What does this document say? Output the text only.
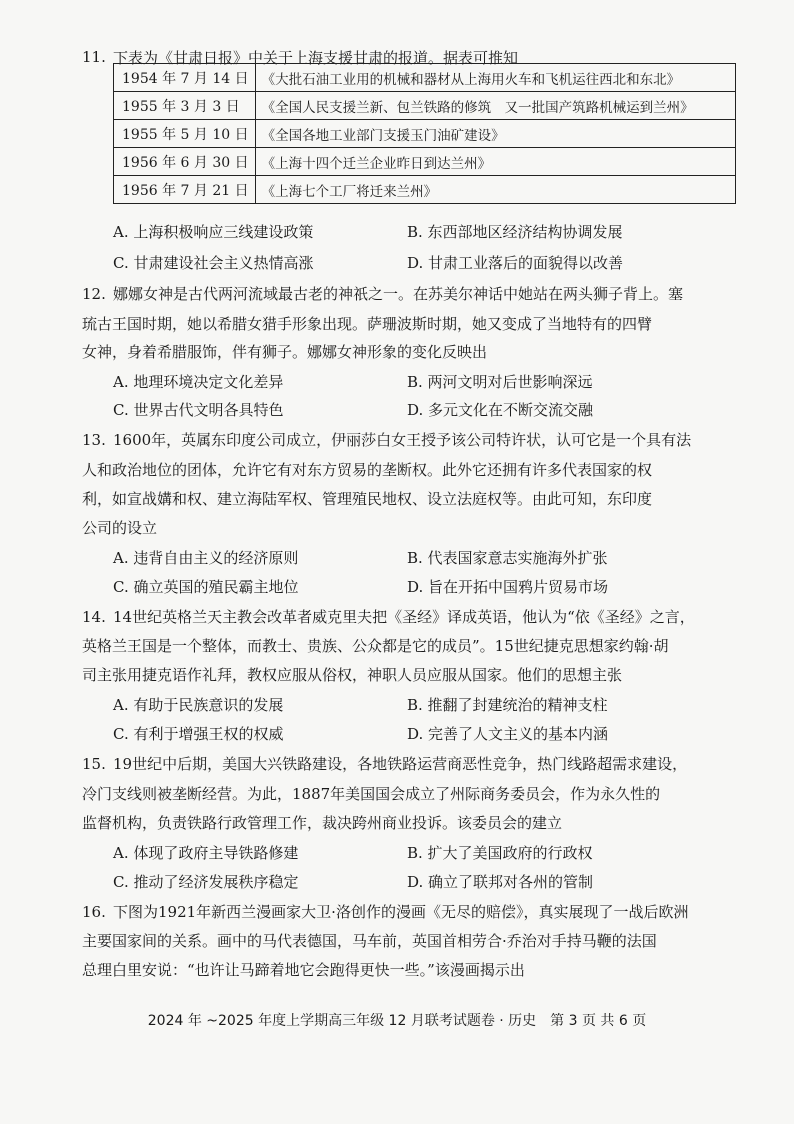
11. 下表为《甘肃日报》中关于上海支援甘肃的报道。据表可推知
1954 年 7 月 14 日	《大批石油工业用的机械和器材从上海用火车和飞机运往西北和东北》
1955 年 3 月 3 日	《全国人民支援兰新、包兰铁路的修筑　又一批国产筑路机械运到兰州》
1955 年 5 月 10 日	《全国各地工业部门支援玉门油矿建设》
1956 年 6 月 30 日	《上海十四个迁兰企业昨日到达兰州》
1956 年 7 月 21 日	《上海七个工厂将迁来兰州》
A. 上海积极响应三线建设政策	B. 东西部地区经济结构协调发展
C. 甘肃建设社会主义热情高涨	D. 甘肃工业落后的面貌得以改善
12. 娜娜女神是古代两河流域最古老的神祇之一。在苏美尔神话中她站在两头狮子背上。塞
琉古王国时期，她以希腊女猎手形象出现。萨珊波斯时期，她又变成了当地特有的四臂
女神，身着希腊服饰，伴有狮子。娜娜女神形象的变化反映出
A. 地理环境决定文化差异	B. 两河文明对后世影响深远
C. 世界古代文明各具特色	D. 多元文化在不断交流交融
13. 1600年，英属东印度公司成立，伊丽莎白女王授予该公司特许状，认可它是一个具有法
人和政治地位的团体，允许它有对东方贸易的垄断权。此外它还拥有许多代表国家的权
利，如宣战媾和权、建立海陆军权、管理殖民地权、设立法庭权等。由此可知，东印度
公司的设立
A. 违背自由主义的经济原则	B. 代表国家意志实施海外扩张
C. 确立英国的殖民霸主地位	D. 旨在开拓中国鸦片贸易市场
14. 14世纪英格兰天主教会改革者威克里夫把《圣经》译成英语，他认为“依《圣经》之言，
英格兰王国是一个整体，而教士、贵族、公众都是它的成员”。15世纪捷克思想家约翰·胡
司主张用捷克语作礼拜，教权应服从俗权，神职人员应服从国家。他们的思想主张
A. 有助于民族意识的发展	B. 推翻了封建统治的精神支柱
C. 有利于增强王权的权威	D. 完善了人文主义的基本内涵
15. 19世纪中后期，美国大兴铁路建设，各地铁路运营商恶性竞争，热门线路超需求建设，
冷门支线则被垄断经营。为此，1887年美国国会成立了州际商务委员会，作为永久性的
监督机构，负责铁路行政管理工作，裁决跨州商业投诉。该委员会的建立
A. 体现了政府主导铁路修建	B. 扩大了美国政府的行政权
C. 推动了经济发展秩序稳定	D. 确立了联邦对各州的管制
16. 下图为1921年新西兰漫画家大卫·洛创作的漫画《无尽的赔偿》，真实展现了一战后欧洲
主要国家间的关系。画中的马代表德国，马车前，英国首相劳合·乔治对手持马鞭的法国
总理白里安说：“也许让马蹄着地它会跑得更快一些。”该漫画揭示出
2024 年 ~2025 年度上学期高三年级 12 月联考试题卷 · 历史　第 3 页 共 6 页
